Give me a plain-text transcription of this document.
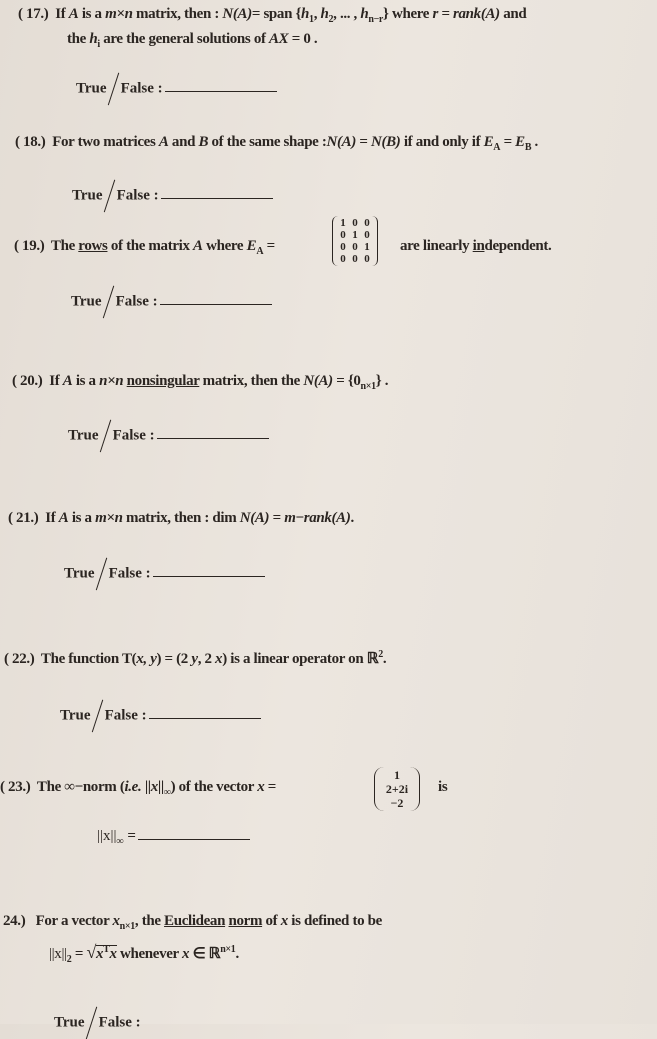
( 17.) If A is a m×n matrix, then : N(A)= span {$h_1$, $h_2$, ... , $h_{n-r}$} where r = rank(A) and
the $h_i$ are the general solutions of AX = 0 .
True False :
( 18.) For two matrices A and B of the same shape :N(A) = N(B) if and only if $E_A = E_B$ .
True False :
( 19.) The rows of the matrix A where $E_A$ =
1 0 0
0 1 0
0 0 1
0 0 0
are linearly independent.
True False :
( 20.) If A is a n×n nonsingular matrix, then the $N(A) = \{0_{n\times 1}\}$ .
True False :
( 21.) If A is a m×n matrix, then : dim N(A) = m−rank(A).
True False :
( 22.) The function T(x, y) = (2 y, 2 x) is a linear operator on ℝ$^2$.
True False :
( 23.) The ∞−norm (i.e. $||x||_\infty$) of the vector x =
1
2+2i
−2
is
$||x||_\infty$ =
24.) For a vector $x_{n\times 1}$, the Euclidean norm of x is defined to be
$||x||_2 = √x^Tx$ whenever x ∈ ℝ$^{n\times 1}$.
True False :
